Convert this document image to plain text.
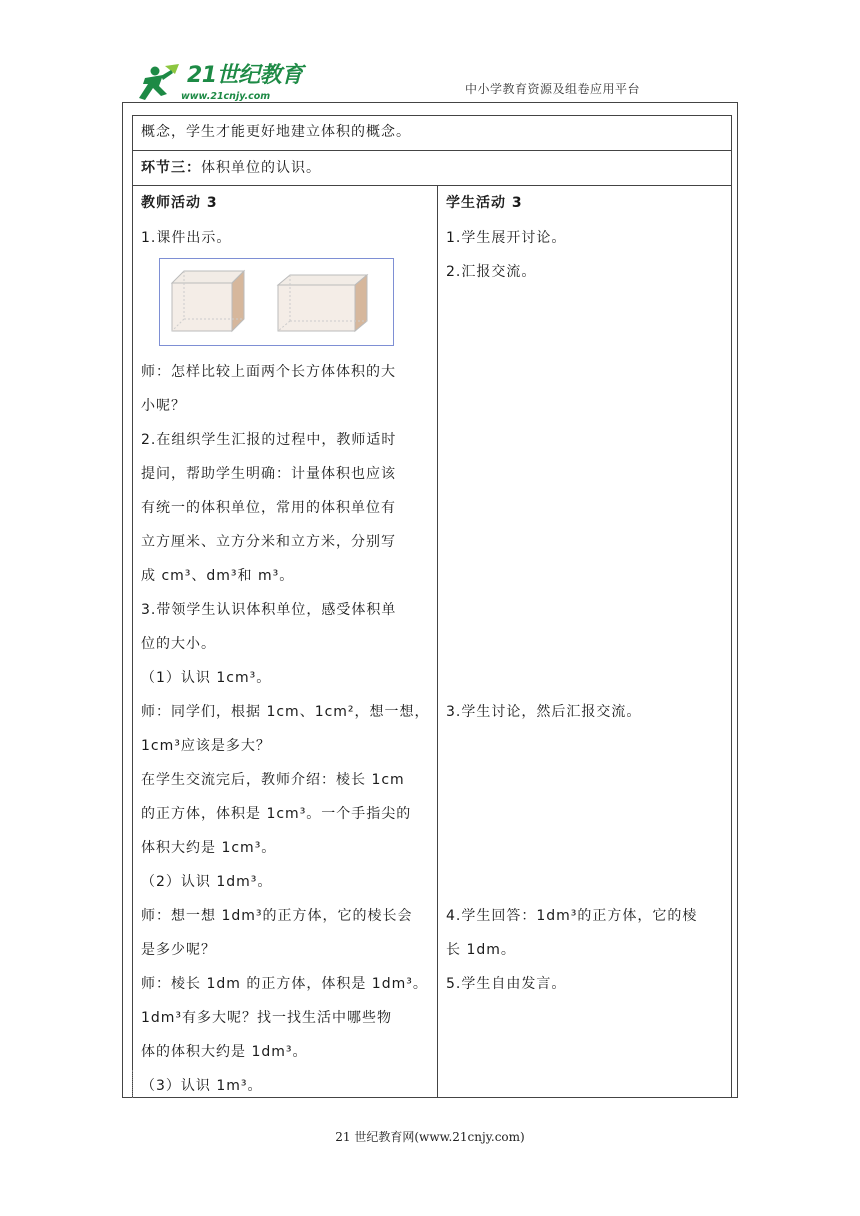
21世纪教育
www.21cnjy.com
中小学教育资源及组卷应用平台
概念，学生才能更好地建立体积的概念。
环节三：体积单位的认识。
教师活动 3	学生活动 3
1.课件出示。
师：怎样比较上面两个长方体体积的大
小呢？
2.在组织学生汇报的过程中，教师适时
提问，帮助学生明确：计量体积也应该
有统一的体积单位，常用的体积单位有
立方厘米、立方分米和立方米，分别写
成 cm³、dm³和 m³。
3.带领学生认识体积单位，感受体积单
位的大小。
（1）认识 1cm³。
师：同学们，根据 1cm、1cm²，想一想，
1cm³应该是多大？
在学生交流完后，教师介绍：棱长 1cm
的正方体，体积是 1cm³。一个手指尖的
体积大约是 1cm³。
（2）认识 1dm³。
师：想一想 1dm³的正方体，它的棱长会
是多少呢？
师：棱长 1dm 的正方体，体积是 1dm³。
1dm³有多大呢？找一找生活中哪些物
体的体积大约是 1dm³。
（3）认识 1m³。
1.学生展开讨论。
2.汇报交流。
3.学生讨论，然后汇报交流。
4.学生回答：1dm³的正方体，它的棱
长 1dm。
5.学生自由发言。
21 世纪教育网(www.21cnjy.com)
